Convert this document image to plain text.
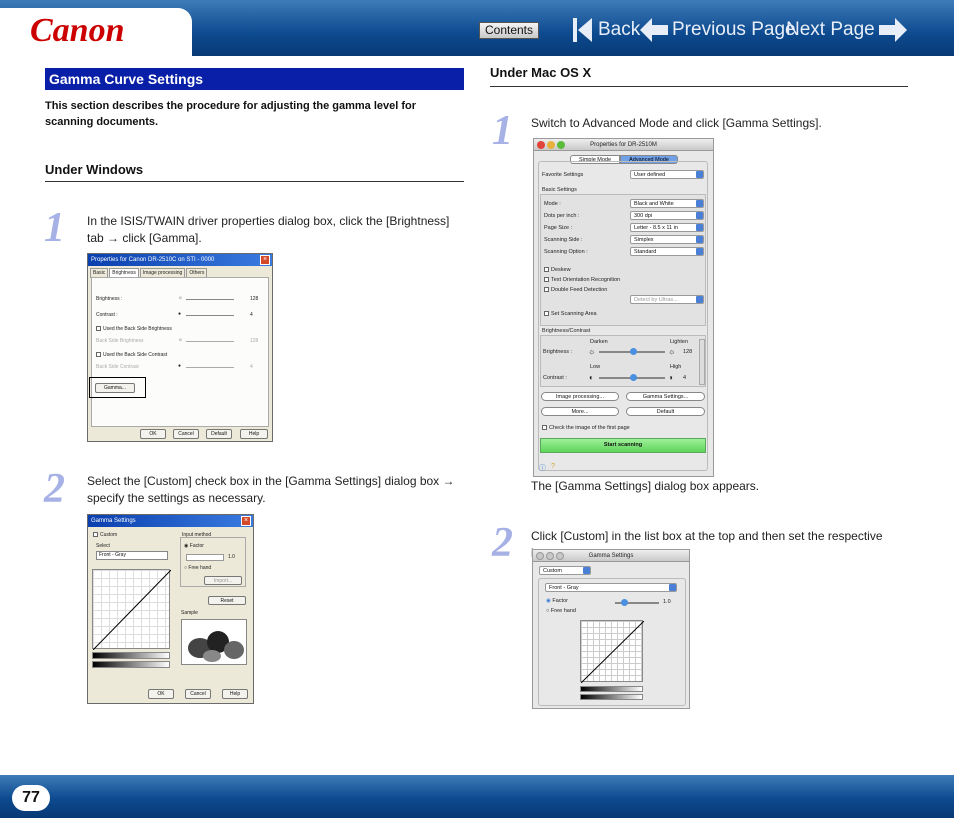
Canon	Contents	Back Previous Page
Next Page
Gamma Curve Settings
This section describes the procedure for adjusting the gamma level for scanning documents.
Under Windows
1 In the ISIS/TWAIN driver properties dialog box, click the [Brightness] tab → click [Gamma].
Properties for Canon DR-2510C on STI - 0000	×
Basic	Brightness	Image processing	Others
Brightness :	☼	128
Contrast :	●	4
Used the Back Side Brightness
Back Side Brightness	☼	128
Used the Back Side Contrast
Back Side Contrast	●	4
Gamma...
OK	Cancel	Default	Help
2 Select the [Custom] check box in the [Gamma Settings] dialog box → specify the settings as necessary.
Gamma Settings	×
Custom
Select
Front - Gray
Input method
◉ Factor
1.0
○ Free hand
Import...
Reset
Sample
OK	Cancel	Help
Under Mac OS X
1 Switch to Advanced Mode and click [Gamma Settings].
Properties for DR-2510M
Simple Mode	Advanced Mode
Favorite Settings	User defined
Basic Settings
Mode :	Black and White
Dots per inch :	300 dpi
Page Size :	Letter - 8.5 x 11 in
Scanning Side :	Simplex
Scanning Option :	Standard
Deskew
Text Orientation Recognition
Double Feed Detection
Detect by Ultras...
Set Scanning Area
Brightness/Contrast
Darken	Lighten
Brightness : ☼	☼ 128
Low	High
Contrast :	◐	◑ 4
Image processing...	Gamma Settings...
More...	Default
Check the image of the first page
Start scanning
ⓘ ?
The [Gamma Settings] dialog box appears.
2 Click [Custom] in the list box at the top and then set the respective
Gamma Settings
Custom
Front - Gray
◉ Factor	1.0
○ Free hand
77
